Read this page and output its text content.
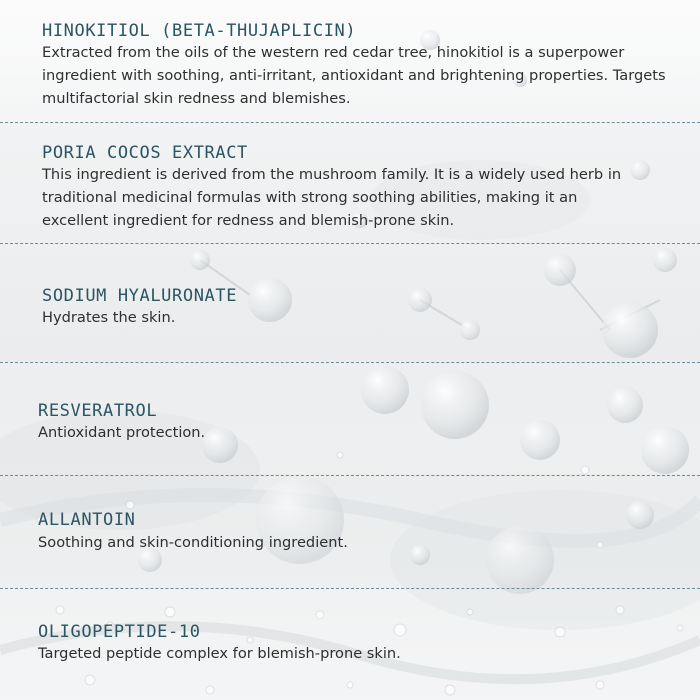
HINOKITIOL (BETA-THUJAPLICIN)

Extracted from the oils of the western red cedar tree, hinokitiol is a superpower ingredient with soothing, anti-irritant, antioxidant and brightening properties. Targets multifactorial skin redness and blemishes.

PORIA COCOS EXTRACT

This ingredient is derived from the mushroom family. It is a widely used herb in traditional medicinal formulas with strong soothing abilities, making it an excellent ingredient for redness and blemish-prone skin.

SODIUM HYALURONATE

Hydrates the skin.

RESVERATROL

Antioxidant protection.

ALLANTOIN

Soothing and skin-conditioning ingredient.

OLIGOPEPTIDE-10

Targeted peptide complex for blemish-prone skin.
